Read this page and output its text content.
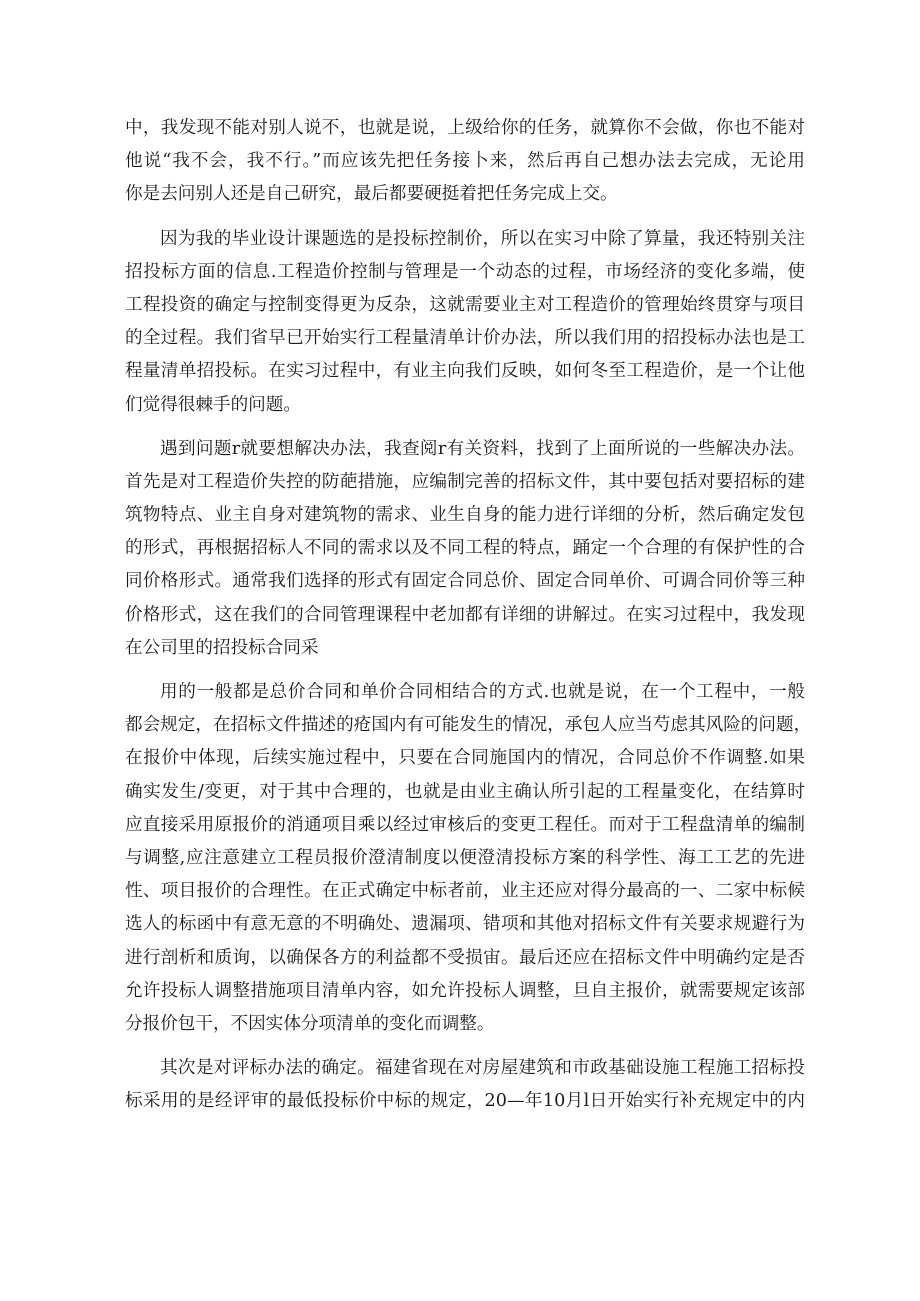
中，我发现不能对别人说不，也就是说，上级给你的任务，就算你不会做，你也不能对
他说“我不会，我不行。”而应该先把任务接卜来，然后再自己想办法去完成，无论用
你是去问别人还是自己研究，最后都要硬挺着把任务完成上交。
因为我的毕业设计课题选的是投标控制价，所以在实习中除了算量，我还特别关注
招投标方面的信息.工程造价控制与管理是一个动态的过程，市场经济的变化多端，使
工程投资的确定与控制变得更为反杂，这就需要业主对工程造价的管理始终贯穿与项目
的全过程。我们省早已开始实行工程量清单计价办法，所以我们用的招投标办法也是工
程量清单招投标。在实习过程中，有业主向我们反映，如何冬至工程造价，是一个让他
们觉得很棘手的问题。
遇到问题r就要想解决办法，我查阅r有关资料，找到了上面所说的一些解决办法。
首先是对工程造价失控的防葩措施，应编制完善的招标文件，其中要包括对要招标的建
筑物特点、业主自身对建筑物的需求、业生自身的能力进行详细的分析，然后确定发包
的形式，再根据招标人不同的需求以及不同工程的特点，踊定一个合理的有保护性的合
同价格形式。通常我们选择的形式有固定合同总价、固定合同单价、可调合同价等三种
价格形式，这在我们的合同管理课程中老加都有详细的讲解过。在实习过程中，我发现
在公司里的招投标合同采
用的一般都是总价合同和单价合同相结合的方式.也就是说，在一个工程中，一般
都会规定，在招标文件描述的疮国内有可能发生的情况，承包人应当芍虑其风险的问题，
在报价中体现，后续实施过程中，只要在合同施国内的情况，合同总价不作调整.如果
确实发生/变更，对于其中合理的，也就是由业主确认所引起的工程量变化，在结算时
应直接采用原报价的消通项目乘以经过审核后的变更工程任。而对于工程盘清单的编制
与调整,应注意建立工程员报价澄清制度以便澄清投标方案的科学性、海工工艺的先进
性、项目报价的合理性。在正式确定中标者前，业主还应对得分最高的一、二家中标候
选人的标函中有意无意的不明确处、遗漏项、错项和其他对招标文件有关要求规避行为
进行剖析和质询，以确保各方的利益都不受损宙。最后还应在招标文件中明确约定是否
允许投标人调整措施项目清单内容，如允许投标人调整，旦自主报价，就需要规定该部
分报价包干，不因实体分项清单的变化而调整。
其次是对评标办法的确定。福建省现在对房屋建筑和市政基础设施工程施工招标投
标采用的是经评审的最低投标价中标的规定，20—年10月l日开始实行补充规定中的内
